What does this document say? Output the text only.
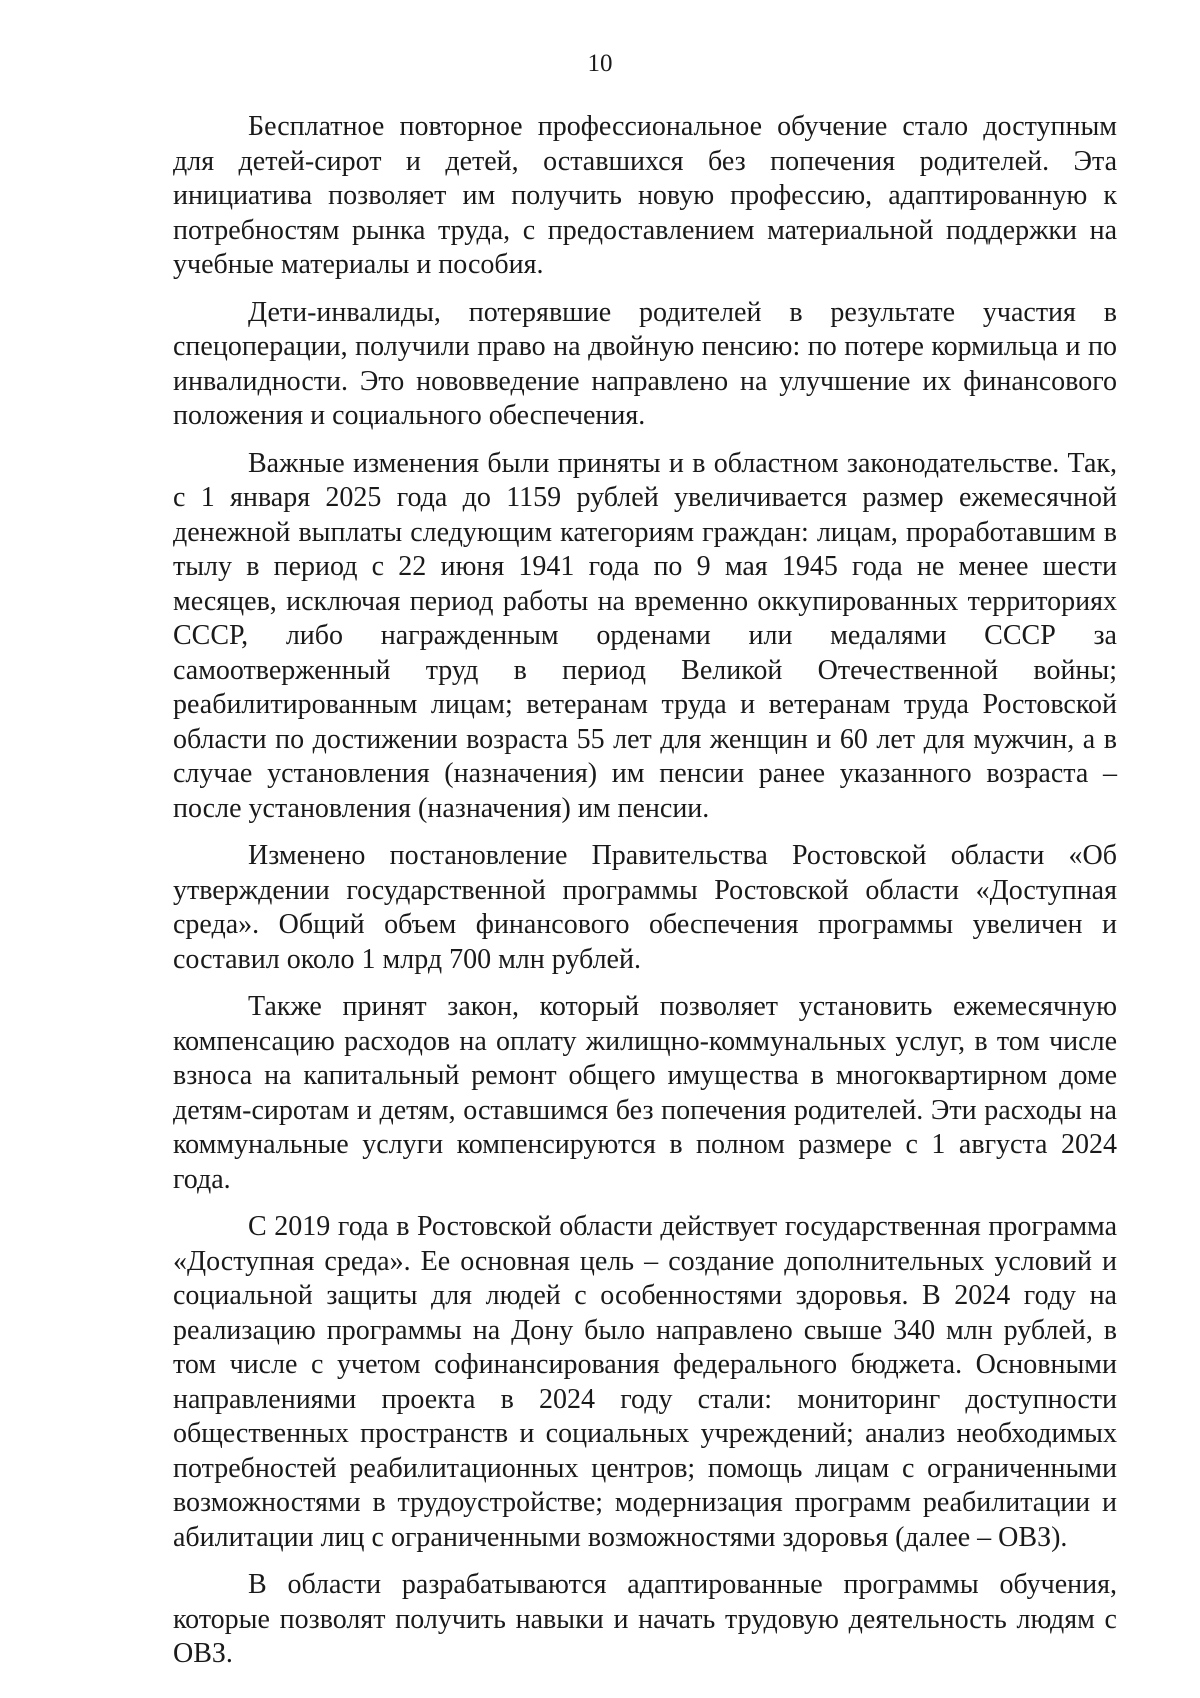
10

Бесплатное повторное профессиональное обучение стало доступным для детей-сирот и детей, оставшихся без попечения родителей. Эта инициатива позволяет им получить новую профессию, адаптированную к потребностям рынка труда, с предоставлением материальной поддержки на учебные материалы и пособия.

Дети-инвалиды, потерявшие родителей в результате участия в спецоперации, получили право на двойную пенсию: по потере кормильца и по инвалидности. Это нововведение направлено на улучшение их финансового положения и социального обеспечения.

Важные изменения были приняты и в областном законодательстве. Так, с 1 января 2025 года до 1159 рублей увеличивается размер ежемесячной денежной выплаты следующим категориям граждан: лицам, проработавшим в тылу в период с 22 июня 1941 года по 9 мая 1945 года не менее шести месяцев, исключая период работы на временно оккупированных территориях СССР, либо награжденным орденами или медалями СССР за самоотверженный труд в период Великой Отечественной войны; реабилитированным лицам; ветеранам труда и ветеранам труда Ростовской области по достижении возраста 55 лет для женщин и 60 лет для мужчин, а в случае установления (назначения) им пенсии ранее указанного возраста – после установления (назначения) им пенсии.

Изменено постановление Правительства Ростовской области «Об утверждении государственной программы Ростовской области «Доступная среда». Общий объем финансового обеспечения программы увеличен и составил около 1 млрд 700 млн рублей.

Также принят закон, который позволяет установить ежемесячную компенсацию расходов на оплату жилищно-коммунальных услуг, в том числе взноса на капитальный ремонт общего имущества в многоквартирном доме детям-сиротам и детям, оставшимся без попечения родителей. Эти расходы на коммунальные услуги компенсируются в полном размере с 1 августа 2024 года.

С 2019 года в Ростовской области действует государственная программа «Доступная среда». Ее основная цель – создание дополнительных условий и социальной защиты для людей с особенностями здоровья. В 2024 году на реализацию программы на Дону было направлено свыше 340 млн рублей, в том числе с учетом софинансирования федерального бюджета. Основными направлениями проекта в 2024 году стали: мониторинг доступности общественных пространств и социальных учреждений; анализ необходимых потребностей реабилитационных центров; помощь лицам с ограниченными возможностями в трудоустройстве; модернизация программ реабилитации и абилитации лиц с ограниченными возможностями здоровья (далее – ОВЗ).

В области разрабатываются адаптированные программы обучения, которые позволят получить навыки и начать трудовую деятельность людям с ОВЗ.
